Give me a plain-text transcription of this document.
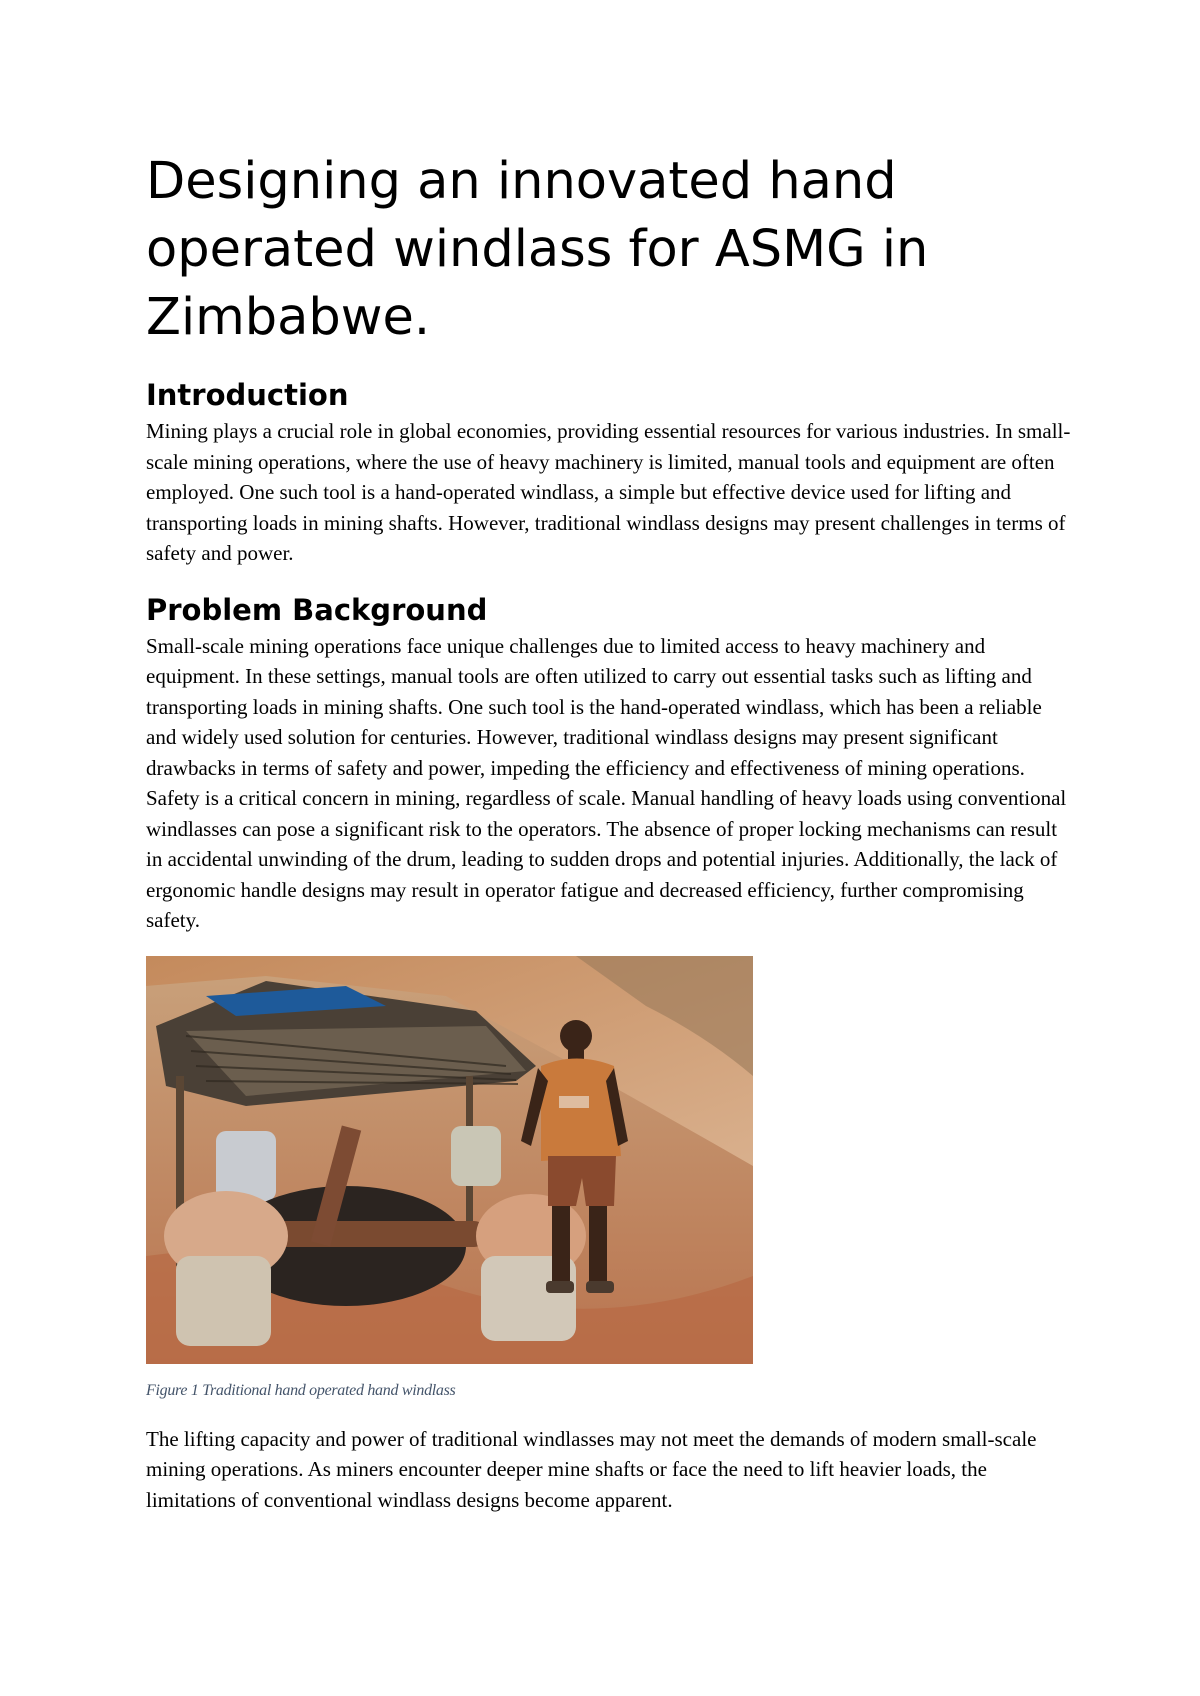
Designing an innovated hand operated windlass for ASMG in Zimbabwe.
Introduction

Mining plays a crucial role in global economies, providing essential resources for various industries. In small-scale mining operations, where the use of heavy machinery is limited, manual tools and equipment are often employed. One such tool is a hand-operated windlass, a simple but effective device used for lifting and transporting loads in mining shafts. However, traditional windlass designs may present challenges in terms of safety and power.

Problem Background

Small-scale mining operations face unique challenges due to limited access to heavy machinery and equipment. In these settings, manual tools are often utilized to carry out essential tasks such as lifting and transporting loads in mining shafts. One such tool is the hand-operated windlass, which has been a reliable and widely used solution for centuries. However, traditional windlass designs may present significant drawbacks in terms of safety and power, impeding the efficiency and effectiveness of mining operations. Safety is a critical concern in mining, regardless of scale. Manual handling of heavy loads using conventional windlasses can pose a significant risk to the operators. The absence of proper locking mechanisms can result in accidental unwinding of the drum, leading to sudden drops and potential injuries. Additionally, the lack of ergonomic handle designs may result in operator fatigue and decreased efficiency, further compromising safety.

Figure 1 Traditional hand operated hand windlass

The lifting capacity and power of traditional windlasses may not meet the demands of modern small-scale mining operations. As miners encounter deeper mine shafts or face the need to lift heavier loads, the limitations of conventional windlass designs become apparent.
